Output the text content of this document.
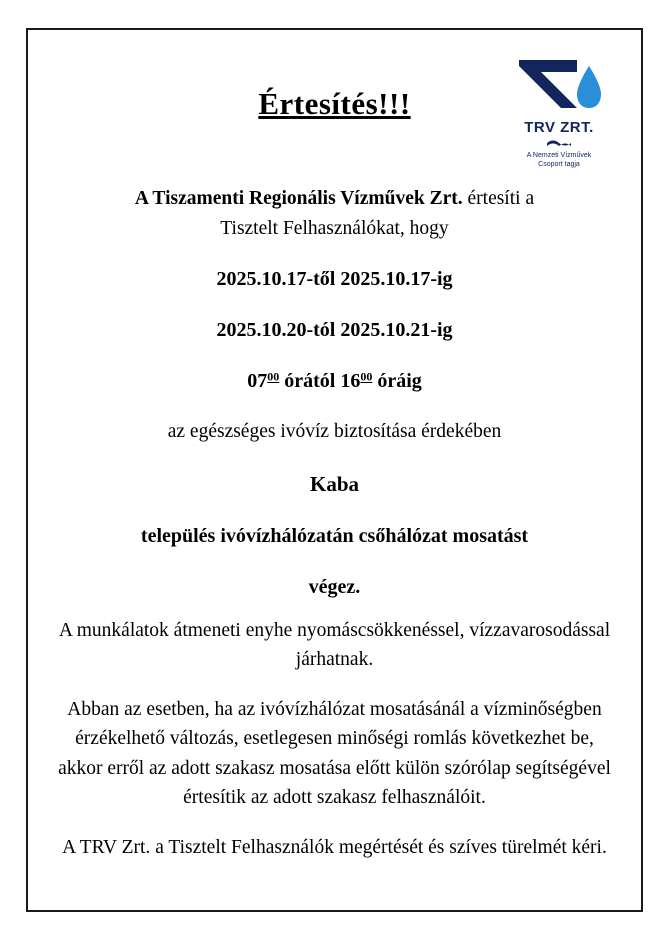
TRV ZRT.
A Nemzeti Vízművek
Csoport tagja
Értesítés!!!

A Tiszamenti Regionális Vízművek Zrt. értesíti a
Tisztelt Felhasználókat, hogy

2025.10.17-től 2025.10.17-ig

2025.10.20-tól 2025.10.21-ig

$07^{00}$ órától $16^{00}$ óráig

az egészséges ivóvíz biztosítása érdekében

Kaba

település ivóvízhálózatán csőhálózat mosatást

végez.

A munkálatok átmeneti enyhe nyomáscsökkenéssel, vízzavarosodással járhatnak.

Abban az esetben, ha az ivóvízhálózat mosatásánál a vízminőségben érzékelhető változás, esetlegesen minőségi romlás következhet be, akkor erről az adott szakasz mosatása előtt külön szórólap segítségével értesítik az adott szakasz felhasználóit.

A TRV Zrt. a Tisztelt Felhasználók megértését és szíves türelmét kéri.
